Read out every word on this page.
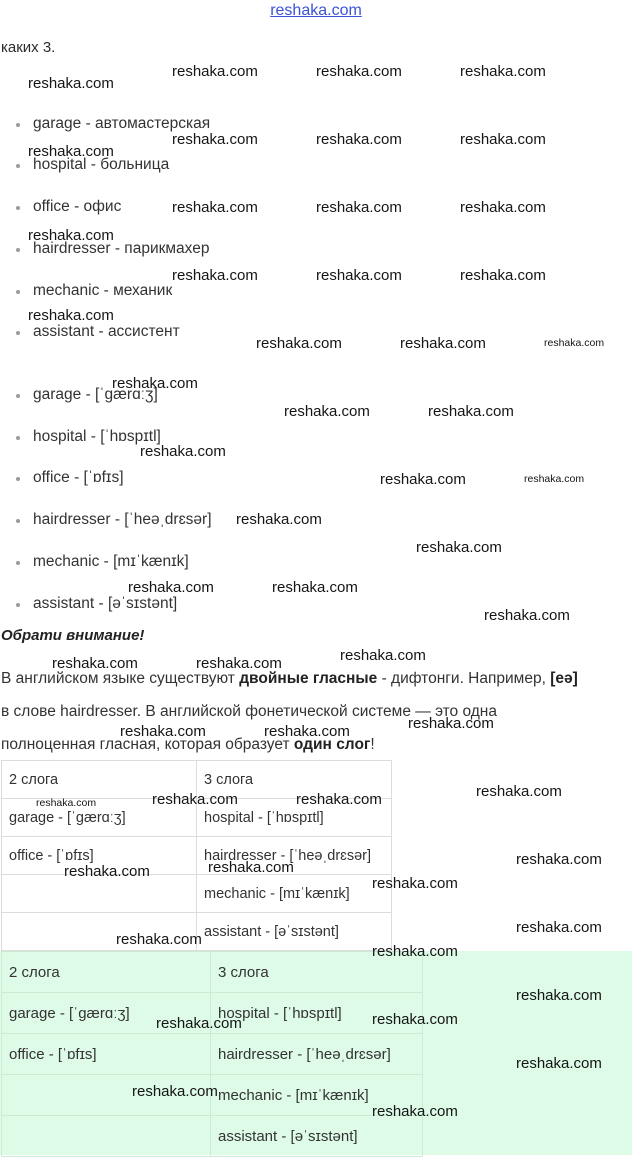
reshaka.com
каких 3.
garage - автомастерская
hospital - больница
office - офис
hairdresser - парикмахер
mechanic - механик
assistant - ассистент
garage - [ˈɡærɑːʒ]
hospital - [ˈhɒspɪtl]
office - [ˈɒfɪs]
hairdresser - [ˈheəˌdrɛsər]
mechanic - [mɪˈkænɪk]
assistant - [əˈsɪstənt]
Обрати внимание!
В английском языке существуют двойные гласные - дифтонги. Например, [eə]
в слове hairdresser. В английской фонетической системе — это одна
полноценная гласная, которая образует один слог!
2 слога	3 слога
garage - [ˈɡærɑːʒ]	hospital - [ˈhɒspɪtl]
office - [ˈɒfɪs]	hairdresser - [ˈheəˌdrɛsər]
	mechanic - [mɪˈkænɪk]
	assistant - [əˈsɪstənt]
2 слога	3 слога
garage - [ˈɡærɑːʒ]	hospital - [ˈhɒspɪtl]
office - [ˈɒfɪs]	hairdresser - [ˈheəˌdrɛsər]
	mechanic - [mɪˈkænɪk]
	assistant - [əˈsɪstənt]
reshaka.com
reshaka.com	reshaka.com	reshaka.com
reshaka.com	reshaka.com	reshaka.com
reshaka.com
reshaka.com	reshaka.com	reshaka.com
reshaka.com
reshaka.com	reshaka.com	reshaka.com
reshaka.com
reshaka.com	reshaka.com	reshaka.com
reshaka.com
reshaka.com	reshaka.com
reshaka.com
reshaka.com	reshaka.com
reshaka.com
reshaka.com
reshaka.com	reshaka.com
reshaka.com
reshaka.com
reshaka.com	reshaka.com
reshaka.com
reshaka.com	reshaka.com
reshaka.com
reshaka.com	reshaka.com
reshaka.com
reshaka.com
reshaka.com
reshaka.com
reshaka.com
reshaka.com
reshaka.com
reshaka.com
reshaka.com
reshaka.com
reshaka.com
reshaka.com
reshaka.com
reshaka.com
